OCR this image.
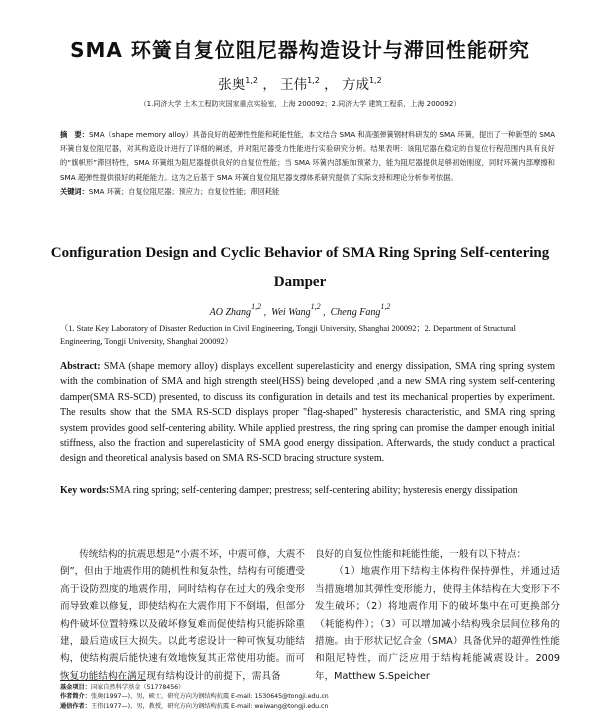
SMA 环簧自复位阻尼器构造设计与滞回性能研究
张奥$^{1,2}$ ， 王伟$^{1,2}$ ， 方成$^{1,2}$
（1.同济大学 土木工程防灾国家重点实验室，上海 200092；2.同济大学 建筑工程系，上海 200092）
摘　要：SMA（shape memory alloy）具备良好的超弹性性能和耗能性能，本文结合 SMA 和高强弹簧钢材料研发的 SMA 环簧，提出了一种新型的 SMA 环簧自复位阻尼器，对其构造设计进行了详细的阐述，并对阻尼器受力性能进行实验研究分析。结果表明：该阻尼器在稳定的自复位行程范围内具有良好的“旗帜形”滞回特性，SMA 环簧组为阻尼器提供良好的自复位性能；当 SMA 环簧内部施加预紧力，能为阻尼器提供足够初始刚度，同时环簧内部摩擦和 SMA 超弹性提供很好的耗能能力。这为之后基于 SMA 环簧自复位阻尼器支撑体系研究提供了实际支持和理论分析参考依据。
关键词：SMA 环簧；自复位阻尼器；预应力；自复位性能；滞回耗能
Configuration Design and Cyclic Behavior of SMA Ring Spring Self-centering Damper
AO Zhang$^{1,2}$ ,  Wei Wang$^{1,2}$ ,  Cheng Fang$^{1,2}$
（1. State Key Laboratory of Disaster Reduction in Civil Engineering, Tongji University, Shanghai 200092；2. Department of Structural Engineering, Tongji University, Shanghai 200092）
Abstract: SMA (shape memory alloy) displays excellent superelasticity and energy dissipation, SMA ring spring system with the combination of SMA and high strength steel(HSS) being developed ,and a new SMA ring system self-centering damper(SMA RS-SCD) presented, to discuss its configuration in details and test its mechanical properties by experiment. The results show that the SMA RS-SCD displays proper "flag-shaped" hysteresis characteristic, and SMA ring spring system provides good self-centering ability. While applied prestress, the ring spring can promise the damper enough initial stiffness, also the fraction and superelasticity of SMA good energy dissipation. Afterwards, the study conduct a practical design and theoretical analysis based on SMA RS-SCD bracing structure system.
Key words:SMA ring spring; self-centering damper; prestress; self-centering ability; hysteresis energy dissipation
传统结构的抗震思想是“小震不坏，中震可修，大震不倒”，但由于地震作用的随机性和复杂性，结构有可能遭受高于设防烈度的地震作用，同时结构存在过大的残余变形而导致难以修复，即使结构在大震作用下不倒塌，但部分构件破坏位置特殊以及破坏修复难而促使结构只能拆除重建，最后造成巨大损失。以此考虑设计一种可恢复功能结构，使结构震后能快速有效地恢复其正常使用功能。而可恢复功能结构在满足现有结构设计的前提下，需具备
良好的自复位性能和耗能性能，一般有以下特点：
（1）地震作用下结构主体构件保持弹性，并通过适当措施增加其弹性变形能力，使得主体结构在大变形下不发生破坏；（2）将地震作用下的破坏集中在可更换部分（耗能构件）；（3）可以增加减小结构残余层间位移角的措施。由于形状记忆合金（SMA）具备优异的超弹性性能和阻尼特性，而广泛应用于结构耗能减震设计。2009 年，Matthew S.Speicher
基金项目：国家自然科学基金（51778456）
作者简介：张奥(1997—)，男，硕士，研究方向为钢结构抗震 E-mail: 1530645@tongji.edu.cn
通信作者：王伟(1977—)，男，教授，研究方向为钢结构抗震 E-mail: weiwang@tongji.edu.cn
